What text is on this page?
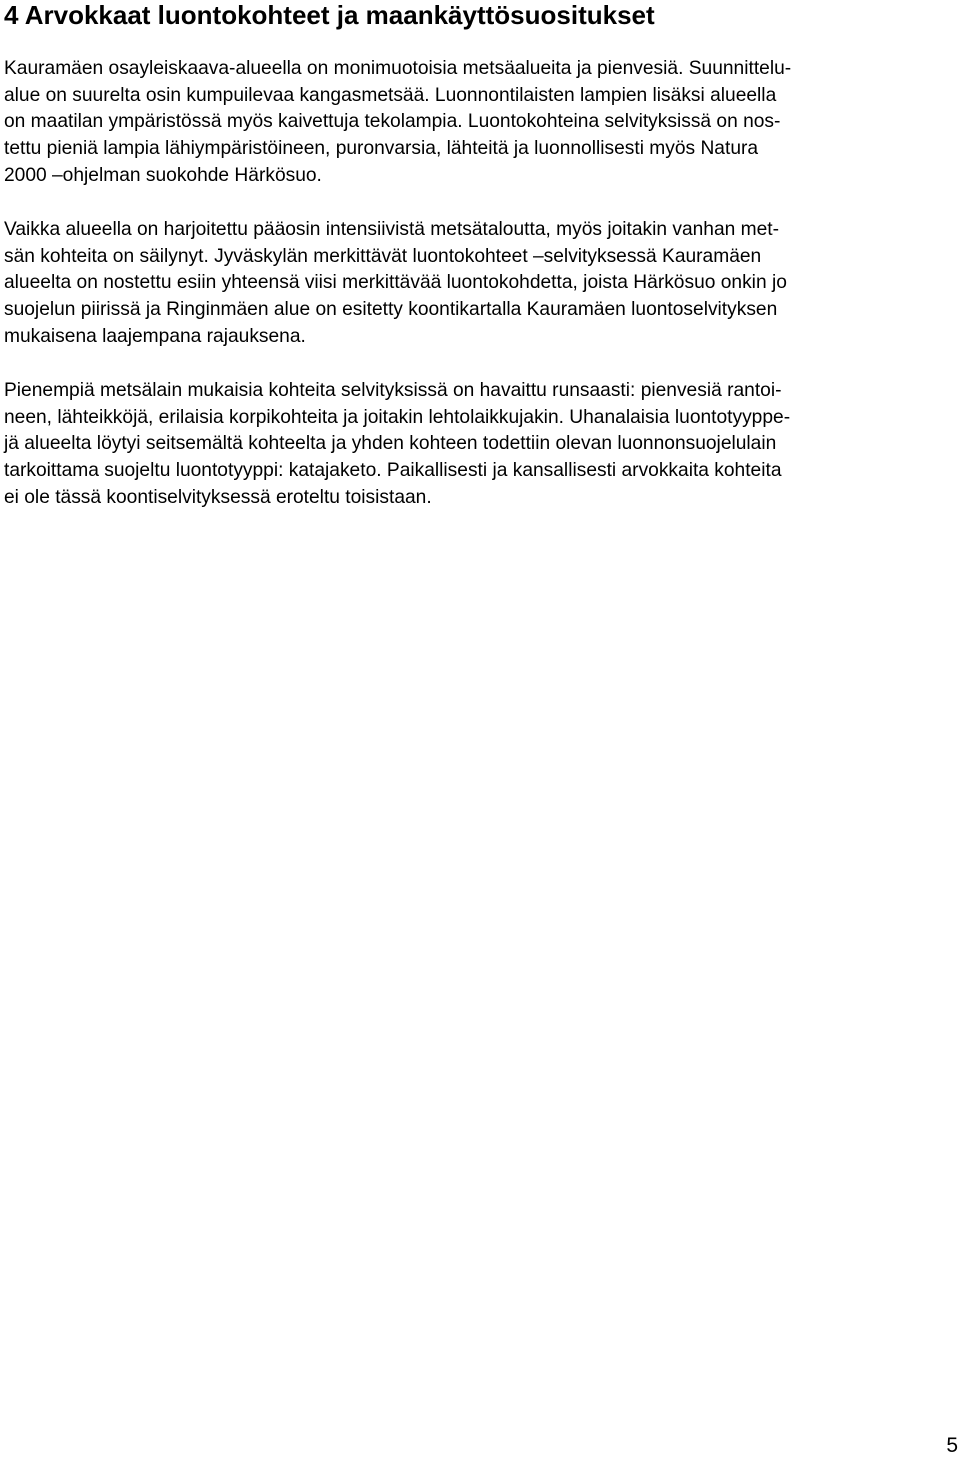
4 Arvokkaat luontokohteet ja maankäyttösuositukset

Kauramäen osayleiskaava-alueella on monimuotoisia metsäalueita ja pienvesiä. Suunnittelu-
alue on suurelta osin kumpuilevaa kangasmetsää. Luonnontilaisten lampien lisäksi alueella
on maatilan ympäristössä myös kaivettuja tekolampia. Luontokohteina selvityksissä on nos-
tettu pieniä lampia lähiympäristöineen, puronvarsia, lähteitä ja luonnollisesti myös Natura
2000 –ohjelman suokohde Härkösuo.

Vaikka alueella on harjoitettu pääosin intensiivistä metsätaloutta, myös joitakin vanhan met-
sän kohteita on säilynyt. Jyväskylän merkittävät luontokohteet –selvityksessä Kauramäen
alueelta on nostettu esiin yhteensä viisi merkittävää luontokohdetta, joista Härkösuo onkin jo
suojelun piirissä ja Ringinmäen alue on esitetty koontikartalla Kauramäen luontoselvityksen
mukaisena laajempana rajauksena.

Pienempiä metsälain mukaisia kohteita selvityksissä on havaittu runsaasti: pienvesiä rantoi-
neen, lähteikköjä, erilaisia korpikohteita ja joitakin lehtolaikkujakin. Uhanalaisia luontotyyppe-
jä alueelta löytyi seitsemältä kohteelta ja yhden kohteen todettiin olevan luonnonsuojelulain
tarkoittama suojeltu luontotyyppi: katajaketo. Paikallisesti ja kansallisesti arvokkaita kohteita
ei ole tässä koontiselvityksessä eroteltu toisistaan.

5
